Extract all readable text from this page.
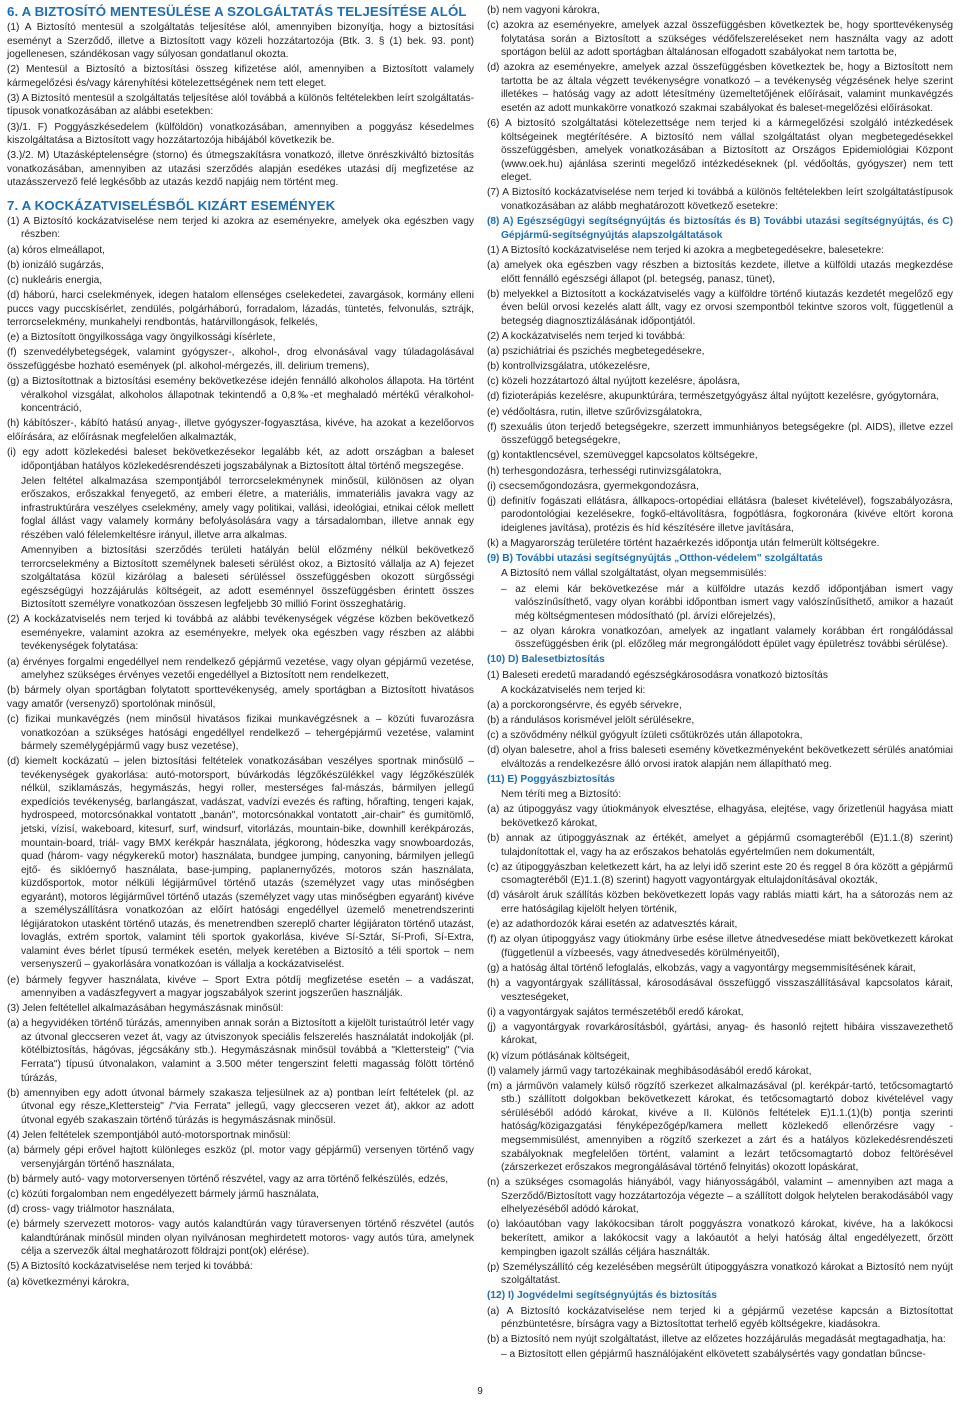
6. A BIZTOSÍTÓ MENTESÜLÉSE A SZOLGÁLTATÁS TELJESÍTÉSE ALÓL

(1) A Biztosító mentesül a szolgáltatás teljesítése alól, amennyiben bizonyítja, hogy a biztosítási eseményt a Szerződő, illetve a Biztosított vagy közeli hozzátartozója (Btk. 3. § (1) bek. 93. pont) jogellenesen, szándékosan vagy súlyosan gondatlanul okozta.

(2) Mentesül a Biztosító a biztosítási összeg kifizetése alól, amennyiben a Biztosított valamely kármegelőzési és/vagy kárenyhítési kötelezettségének nem tett eleget.

(3) A Biztosító mentesül a szolgáltatás teljesítése alól továbbá a különös feltételekben leírt szolgáltatás-típusok vonatkozásában az alábbi esetekben:

(3)/1. F) Poggyászkésedelem (külföldön) vonatkozásában, amennyiben a poggyász késedelmes kiszolgáltatása a Biztosított vagy hozzátartozója hibájából következik be.

(3.)/2. M) Utazásképtelenségre (storno) és útmegszakításra vonatkozó, illetve önrészkiváltó biztosítás vonatkozásában, amennyiben az utazási szerződés alapján esedékes utazási díj megfizetése az utazásszervező felé legkésőbb az utazás kezdő napjáig nem történt meg.

7. A KOCKÁZATVISELÉSBŐL KIZÁRT ESEMÉNYEK

(1) A Biztosító kockázatviselése nem terjed ki azokra az eseményekre, amelyek oka egészben vagy részben:

(a) kóros elmeállapot,

(b) ionizáló sugárzás,

(c) nukleáris energia,

(d) háború, harci cselekmények, idegen hatalom ellenséges cselekedetei, zavargások, kormány elleni puccs vagy puccskísérlet, zendülés, polgárháború, forradalom, lázadás, tüntetés, felvonulás, sztrájk, terrorcselekmény, munkahelyi rendbontás, határvillongások, felkelés,

(e) a Biztosított öngyilkossága vagy öngyilkossági kísérlete,

(f) szenvedélybetegségek, valamint gyógyszer-, alkohol-, drog elvonásával vagy túladagolásával összefüggésbe hozható események (pl. alkohol-mérgezés, ill. delirium tremens),

(g) a Biztosítottnak a biztosítási esemény bekövetkezése idején fennálló alkoholos állapota. Ha történt véralkohol vizsgálat, alkoholos állapotnak tekintendő a 0,8‰-et meghaladó mértékű véralkohol-koncentráció,

(h) kábítószer-, kábító hatású anyag-, illetve gyógyszer-fogyasztása, kivéve, ha azokat a kezelőorvos előírására, az előírásnak megfelelően alkalmazták,

(i) egy adott közlekedési baleset bekövetkezésekor legalább két, az adott országban a baleset időpontjában hatályos közlekedésrendészeti jogszabálynak a Biztosított által történő megszegése.

Jelen feltétel alkalmazása szempontjából terrorcselekménynek minősül, különösen az olyan erőszakos, erőszakkal fenyegető, az emberi életre, a materiális, immateriális javakra vagy az infrastruktúrára veszélyes cselekmény, amely vagy politikai, vallási, ideológiai, etnikai célok mellett foglal állást vagy valamely kormány befolyásolására vagy a társadalomban, illetve annak egy részében való félelemkeltésre irányul, illetve arra alkalmas.

Amennyiben a biztosítási szerződés területi hatályán belül előzmény nélkül bekövetkező terrorcselekmény a Biztosított személynek baleseti sérülést okoz, a Biztosító vállalja az A) fejezet szolgáltatása közül kizárólag a baleseti sérüléssel összefüggésben okozott sürgősségi egészségügyi hozzájárulás költségeit, az adott eseménnyel összefüggésben érintett összes Biztosított személyre vonatkozóan összesen legfeljebb 30 millió Forint összeghatárig.

(2) A kockázatviselés nem terjed ki továbbá az alábbi tevékenységek végzése közben bekövetkező eseményekre, valamint azokra az eseményekre, melyek oka egészben vagy részben az alábbi tevékenységek folytatása:

(a) érvényes forgalmi engedéllyel nem rendelkező gépjármű vezetése, vagy olyan gépjármű vezetése, amelyhez szükséges érvényes vezetői engedéllyel a Biztosított nem rendelkezett,

(b) bármely olyan sportágban folytatott sporttevékenység, amely sportágban a Biztosított hivatásos vagy amatőr (versenyző) sportolónak minősül,

(c) fizikai munkavégzés (nem minősül hivatásos fizikai munkavégzésnek a – közúti fuvarozásra vonatkozóan a szükséges hatósági engedéllyel rendelkező – tehergépjármű vezetése, valamint bármely személygépjármű vagy busz vezetése),

(d) kiemelt kockázatú – jelen biztosítási feltételek vonatkozásában veszélyes sportnak minősülő – tevékenységek gyakorlása: autó-motorsport, búvárkodás légzőkészülékkel vagy légzőkészülék nélkül, sziklamászás, hegymászás, hegyi roller, mesterséges fal-mászás, bármilyen jellegű expedíciós tevékenység, barlangászat, vadászat, vadvízi evezés és rafting, hőrafting, tengeri kajak, hydrospeed, motorcsónakkal vontatott „banán", motorcsónakkal vontatott „air-chair" és gumitömlő, jetski, vízisí, wakeboard, kitesurf, surf, windsurf, vitorlázás, mountain-bike, downhill kerékpározás, mountain-board, triál- vagy BMX kerékpár használata, jégkorong, hódeszka vagy snowboardozás, quad (három- vagy négykerekű motor) használata, bundgee jumping, canyoning, bármilyen jellegű ejtő- és siklóernyő használata, base-jumping, paplanernyőzés, motoros szán használata, küzdősportok, motor nélküli légijárművel történő utazás (személyzet vagy utas minőségben egyaránt), motoros légijárművel történő utazás (személyzet vagy utas minőségben egyaránt) kivéve a személyszállításra vonatkozóan az előírt hatósági engedéllyel üzemelő menetrendszerinti légijáratokon utasként történő utazás, és menetrendben szereplő charter légijáraton történő utazást, lovaglás, extrém sportok, valamint téli sportok gyakorlása, kivéve Sí-Sztár, Sí-Profi, Sí-Extra, valamint éves bérlet típusú termékek esetén, melyek keretében a Biztosító a téli sportok – nem versenyszerű – gyakorlására vonatkozóan is vállalja a kockázatviselést.

(e) bármely fegyver használata, kivéve – Sport Extra pótdíj megfizetése esetén – a vadászat, amennyiben a vadászfegyvert a magyar jogszabályok szerint jogszerűen használják.

(3) Jelen feltétellel alkalmazásában hegymászásnak minősül:

(a) a hegyvidéken történő túrázás, amennyiben annak során a Biztosított a kijelölt turistaútról letér vagy az útvonal gleccseren vezet át, vagy az útviszonyok speciális felszerelés használatát indokolják (pl. kötélbiztosítás, hágóvas, jégcsákány stb.). Hegymászásnak minősül továbbá a "Klettersteig" ("via Ferrata") típusú útvonalakon, valamint a 3.500 méter tengerszint feletti magasság fölött történő túrázás,

(b) amennyiben egy adott útvonal bármely szakasza teljesülnek az a) pontban leírt feltételek (pl. az útvonal egy része„Klettersteig" /"via Ferrata" jellegű, vagy gleccseren vezet át), akkor az adott útvonal egyéb szakaszain történő túrázás is hegymászásnak minősül.

(4) Jelen feltételek szempontjából autó-motorsportnak minősül:

(a) bármely gépi erővel hajtott különleges eszköz (pl. motor vagy gépjármű) versenyen történő vagy versenyjárgán történő használata,

(b) bármely autó- vagy motorversenyen történő részvétel, vagy az arra történő felkészülés, edzés,

(c) közúti forgalomban nem engedélyezett bármely jármű használata,

(d) cross- vagy triálmotor használata,

(e) bármely szervezett motoros- vagy autós kalandtúrán vagy túraversenyen történő részvétel (autós kalandtúrának minősül minden olyan nyilvánosan meghirdetett motoros- vagy autós túra, amelynek célja a szervezők által meghatározott földrajzi pont(ok) elérése).

(5) A Biztosító kockázatviselése nem terjed ki továbbá:

(a) következményi károkra,

(b) nem vagyoni károkra,

(c) azokra az eseményekre, amelyek azzal összefüggésben következtek be, hogy sporttevékenység folytatása során a Biztosított a szükséges védőfelszereléseket nem használta vagy az adott sportágon belül az adott sportágban általánosan elfogadott szabályokat nem tartotta be,

(d) azokra az eseményekre, amelyek azzal összefüggésben következtek be, hogy a Biztosított nem tartotta be az általa végzett tevékenységre vonatkozó – a tevékenység végzésének helye szerint illetékes – hatóság vagy az adott létesítmény üzemeltetőjének előírásait, valamint munkavégzés esetén az adott munkakörre vonatkozó szakmai szabályokat és baleset-megelőzési előírásokat.

(6) A biztosító szolgáltatási kötelezettsége nem terjed ki a kármegelőzési szolgáló intézkedések költségeinek megtérítésére. A biztosító nem vállal szolgáltatást olyan megbetegedésekkel összefüggésben, amelyek vonatkozásában a Biztosított az Országos Epidemiológiai Központ (www.oek.hu) ajánlása szerinti megelőző intézkedéseknek (pl. védőoltás, gyógyszer) nem tett eleget.

(7) A Biztosító kockázatviselése nem terjed ki továbbá a különös feltételekben leírt szolgáltatástípusok vonatkozásában az alább meghatározott következő esetekre:

(8) A) Egészségügyi segítségnyújtás és biztosítás és B) További utazási segítségnyújtás, és C) Gépjármű-segítségnyújtás alapszolgáltatások

(1) A Biztosító kockázatviselése nem terjed ki azokra a megbetegedésekre, balesetekre:

(a) amelyek oka egészben vagy részben a biztosítás kezdete, illetve a külföldi utazás megkezdése előtt fennálló egészségi állapot (pl. betegség, panasz, tünet),

(b) melyekkel a Biztosított a kockázatviselés vagy a külföldre történő kiutazás kezdetét megelőző egy éven belül orvosi kezelés alatt állt, vagy ez orvosi szempontból tekintve szoros volt, függetlenül a betegség diagnosztizálásának időpontjától.

(2) A kockázatviselés nem terjed ki továbbá:

(a) pszichiátriai és pszichés megbetegedésekre,

(b) kontrollvizsgálatra, utókezelésre,

(c) közeli hozzátartozó által nyújtott kezelésre, ápolásra,

(d) fizioterápiás kezelésre, akupunktúrára, természetgyógyász által nyújtott kezelésre, gyógytornára,

(e) védőoltásra, rutin, illetve szűrővizsgálatokra,

(f) szexuális úton terjedő betegségekre, szerzett immunhiányos betegségekre (pl. AIDS), illetve ezzel összefüggő betegségekre,

(g) kontaktlencsével, szemüveggel kapcsolatos költségekre,

(h) terhesgondozásra, terhességi rutinvizsgálatokra,

(i) csecsemőgondozásra, gyermekgondozásra,

(j) definitív fogászati ellátásra, állkapocs-ortopédiai ellátásra (baleset kivételével), fogszabályozásra, parodontológiai kezelésekre, fogkő-eltávolításra, fogpótlásra, fogkoronára (kivéve eltört korona ideiglenes javítása), protézis és híd készítésére illetve javítására,

(k) a Magyarország területére történt hazaérkezés időpontja után felmerült költségekre.

(9) B) További utazási segítségnyújtás „Otthon-védelem" szolgáltatás

A Biztosító nem vállal szolgáltatást, olyan megsemmisülés:

– az elemi kár bekövetkezése már a külföldre utazás kezdő időpontjában ismert vagy valószínűsíthető, vagy olyan korábbi időpontban ismert vagy valószínűsíthető, amikor a hazaút még költségmentesen módosítható (pl. árvízi előrejelzés),

– az olyan károkra vonatkozóan, amelyek az ingatlant valamely korábban ért rongálódással összefüggésben érik (pl. előzőleg már megrongálódott épület vagy épületrész további sérülése).

(10) D) Balesetbiztosítás

(1) Baleseti eredetű maradandó egészségkárosodásra vonatkozó biztosítás

A kockázatviselés nem terjed ki:

(a) a porckorongsérvre, és egyéb sérvekre,

(b) a rándulásos korismével jelölt sérülésekre,

(c) a szövődmény nélkül gyógyult ízületi csőtükrözés után állapotokra,

(d) olyan balesetre, ahol a friss baleseti esemény következményeként bekövetkezett sérülés anatómiai elváltozás a rendelkezésre álló orvosi iratok alapján nem állapítható meg.

(11) E) Poggyászbiztosítás

Nem téríti meg a Biztosító:

(a) az útipoggyász vagy útiokmányok elvesztése, elhagyása, elejtése, vagy őrizetlenül hagyása miatt bekövetkező károkat,

(b) annak az útipoggyásznak az értékét, amelyet a gépjármű csomagteréből (E)1.1.(8) szerint) tulajdonítottak el, vagy ha az erőszakos behatolás egyértelműen nem dokumentált,

(c) az útipoggyászban keletkezett kárt, ha az lelyi idő szerint este 20 és reggel 8 óra között a gépjármű csomagteréből (E)1.1.(8) szerint) hagyott vagyontárgyak eltulajdonításával okozták,

(d) vásárolt áruk szállítás közben bekövetkezett lopás vagy rablás miatti kárt, ha a sátorozás nem az erre hatóságilag kijelölt helyen történik,

(e) az adathordozók kárai esetén az adatvesztés kárait,

(f) az olyan útipoggyász vagy útiokmány ürbe esése illetve átnedvesedése miatt bekövetkezett károkat (függetlenül a vízbeesés, vagy átnedvesedés körülményeitől),

(g) a hatóság által történő lefoglalás, elkobzás, vagy a vagyontárgy megsemmisítésének kárait,

(h) a vagyontárgyak szállítással, károsodásával összefüggő visszaszállításával kapcsolatos kárait, veszteségeket,

(i) a vagyontárgyak sajátos természetéből eredő károkat,

(j) a vagyontárgyak rovarkárosításból, gyártási, anyag- és hasonló rejtett hibáira visszavezethető károkat,

(k) vízum pótlásának költségeit,

(l) valamely jármű vagy tartozékainak meghibásodásából eredő károkat,

(m) a járművön valamely külső rögzítő szerkezet alkalmazásával (pl. kerékpár-tartó, tetőcsomagtartó stb.) szállított dolgokban bekövetkezett károkat, és tetőcsomagtartó doboz kivételével vagy sérüléséből adódó károkat, kivéve a II. Különös feltételek E)1.1.(1)(b) pontja szerinti hatóság/közigazgatási fényképezőgép/kamera mellett közlekedő ellenőrzésre vagy -megsemmisülést, amennyiben a rögzítő szerkezet a zárt és a hatályos közlekedésrendészeti szabályoknak megfelelően történt, valamint a lezárt tetőcsomagtartó doboz feltörésével (zárszerkezet erőszakos megrongálásával történő felnyitás) okozott lopáskárat,

(n) a szükséges csomagolás hiányából, vagy hiányosságából, valamint – amennyiben azt maga a Szerződő/Biztosított vagy hozzátartozója végezte – a szállított dolgok helytelen berakodásából vagy elhelyezéséből adódó károkat,

(o) lakóautóban vagy lakókocsiban tárolt poggyászra vonatkozó károkat, kivéve, ha a lakókocsi bekerített, amikor a lakókocsit vagy a lakóautót a helyi hatóság által engedélyezett, őrzött kempingben igazolt szállás céljára használták.

(p) Személyszállító cég kezelésében megsérült útipoggyászra vonatkozó károkat a Biztosító nem nyújt szolgáltatást.

(12) I) Jogvédelmi segítségnyújtás és biztosítás

(a) A Biztosító kockázatviselése nem terjed ki a gépjármű vezetése kapcsán a Biztosítottat pénzbüntetésre, bírságra vagy a Biztosítottat terhelő egyéb költségekre, kiadásokra.

(b) a Biztosító nem nyújt szolgáltatást, illetve az előzetes hozzájárulás megadását megtagadhatja, ha:

– a Biztosított ellen gépjármű használójaként elkövetett szabálysértés vagy gondatlan bűncse-

9
